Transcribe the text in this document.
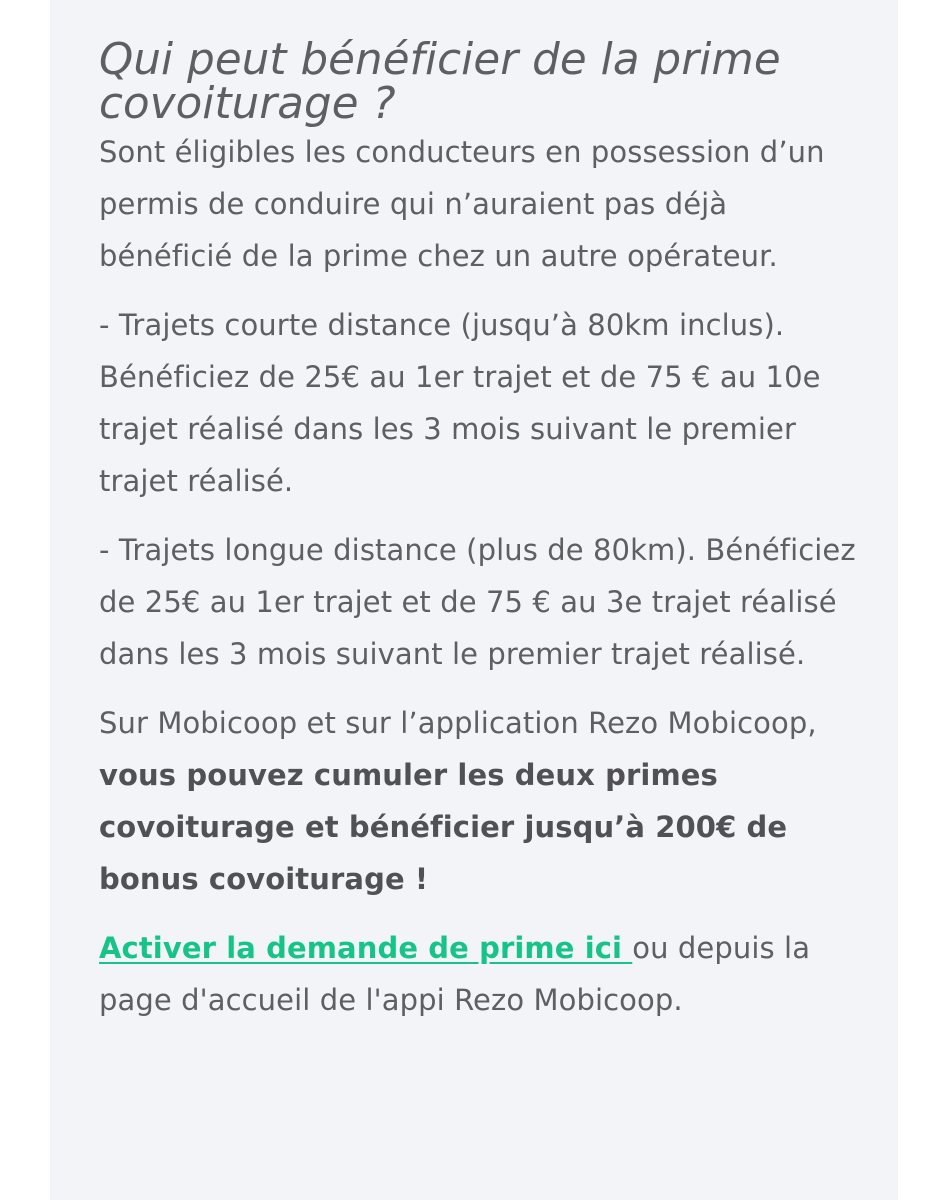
Qui peut bénéficier de la prime covoiturage ?

Sont éligibles les conducteurs en possession d’un permis de conduire qui n’auraient pas déjà bénéficié de la prime chez un autre opérateur.

- Trajets courte distance (jusqu’à 80km inclus). Bénéficiez de 25€ au 1er trajet et de 75 € au 10e trajet réalisé dans les 3 mois suivant le premier trajet réalisé.

- Trajets longue distance (plus de 80km). Bénéficiez de 25€ au 1er trajet et de 75 € au 3e trajet réalisé dans les 3 mois suivant le premier trajet réalisé.

Sur Mobicoop et sur l’application Rezo Mobicoop, vous pouvez cumuler les deux primes covoiturage et bénéficier jusqu’à 200€ de bonus covoiturage !

Activer la demande de prime ici ou depuis la page d'accueil de l'appi Rezo Mobicoop.
